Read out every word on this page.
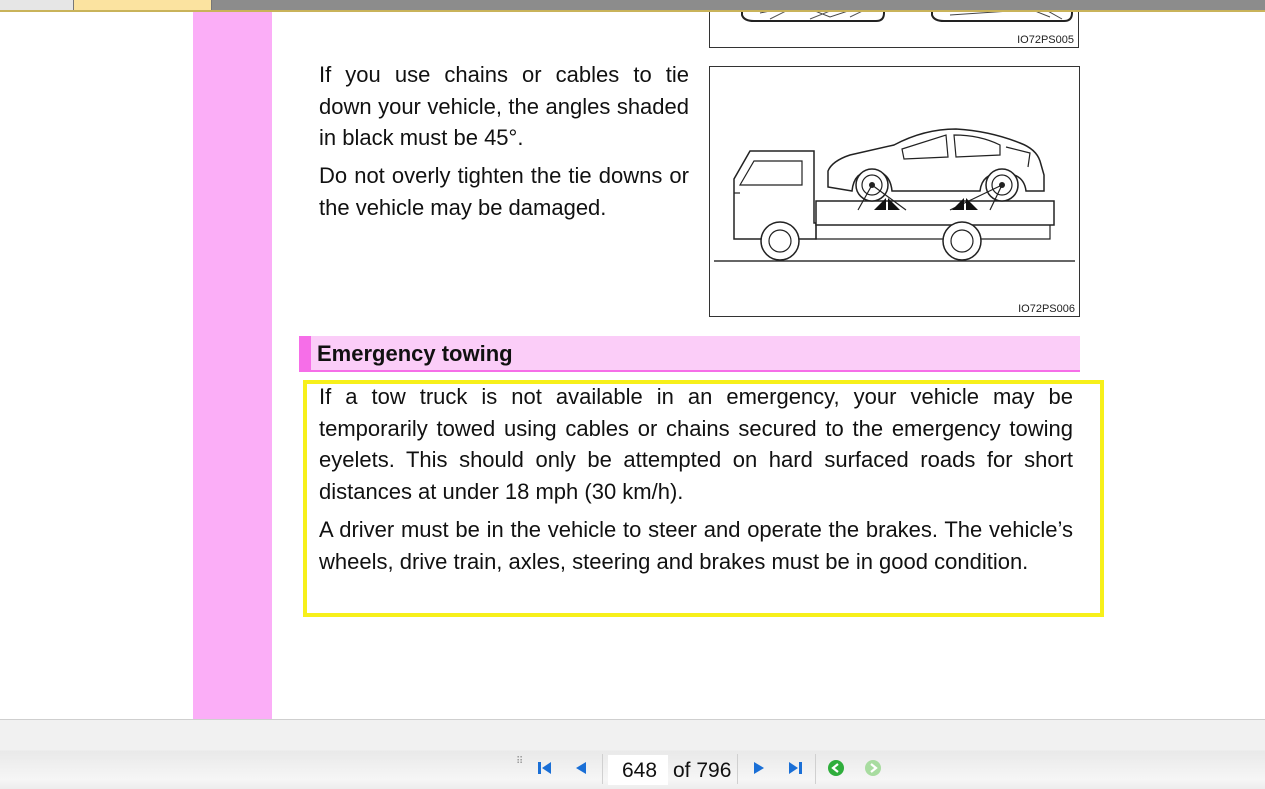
IO72PS005

If you use chains or cables to tie down your vehicle, the angles shaded in black must be 45°.

Do not overly tighten the tie downs or the vehicle may be damaged.

IO72PS006
Emergency towing

If a tow truck is not available in an emergency, your vehicle may be temporarily towed using cables or chains secured to the emergency towing eyelets. This should only be attempted on hard surfaced roads for short distances at under 18 mph (30 km/h).

A driver must be in the vehicle to steer and operate the brakes. The vehicle’s wheels, drive train, axles, steering and brakes must be in good condition.

⠿	648 of 796
